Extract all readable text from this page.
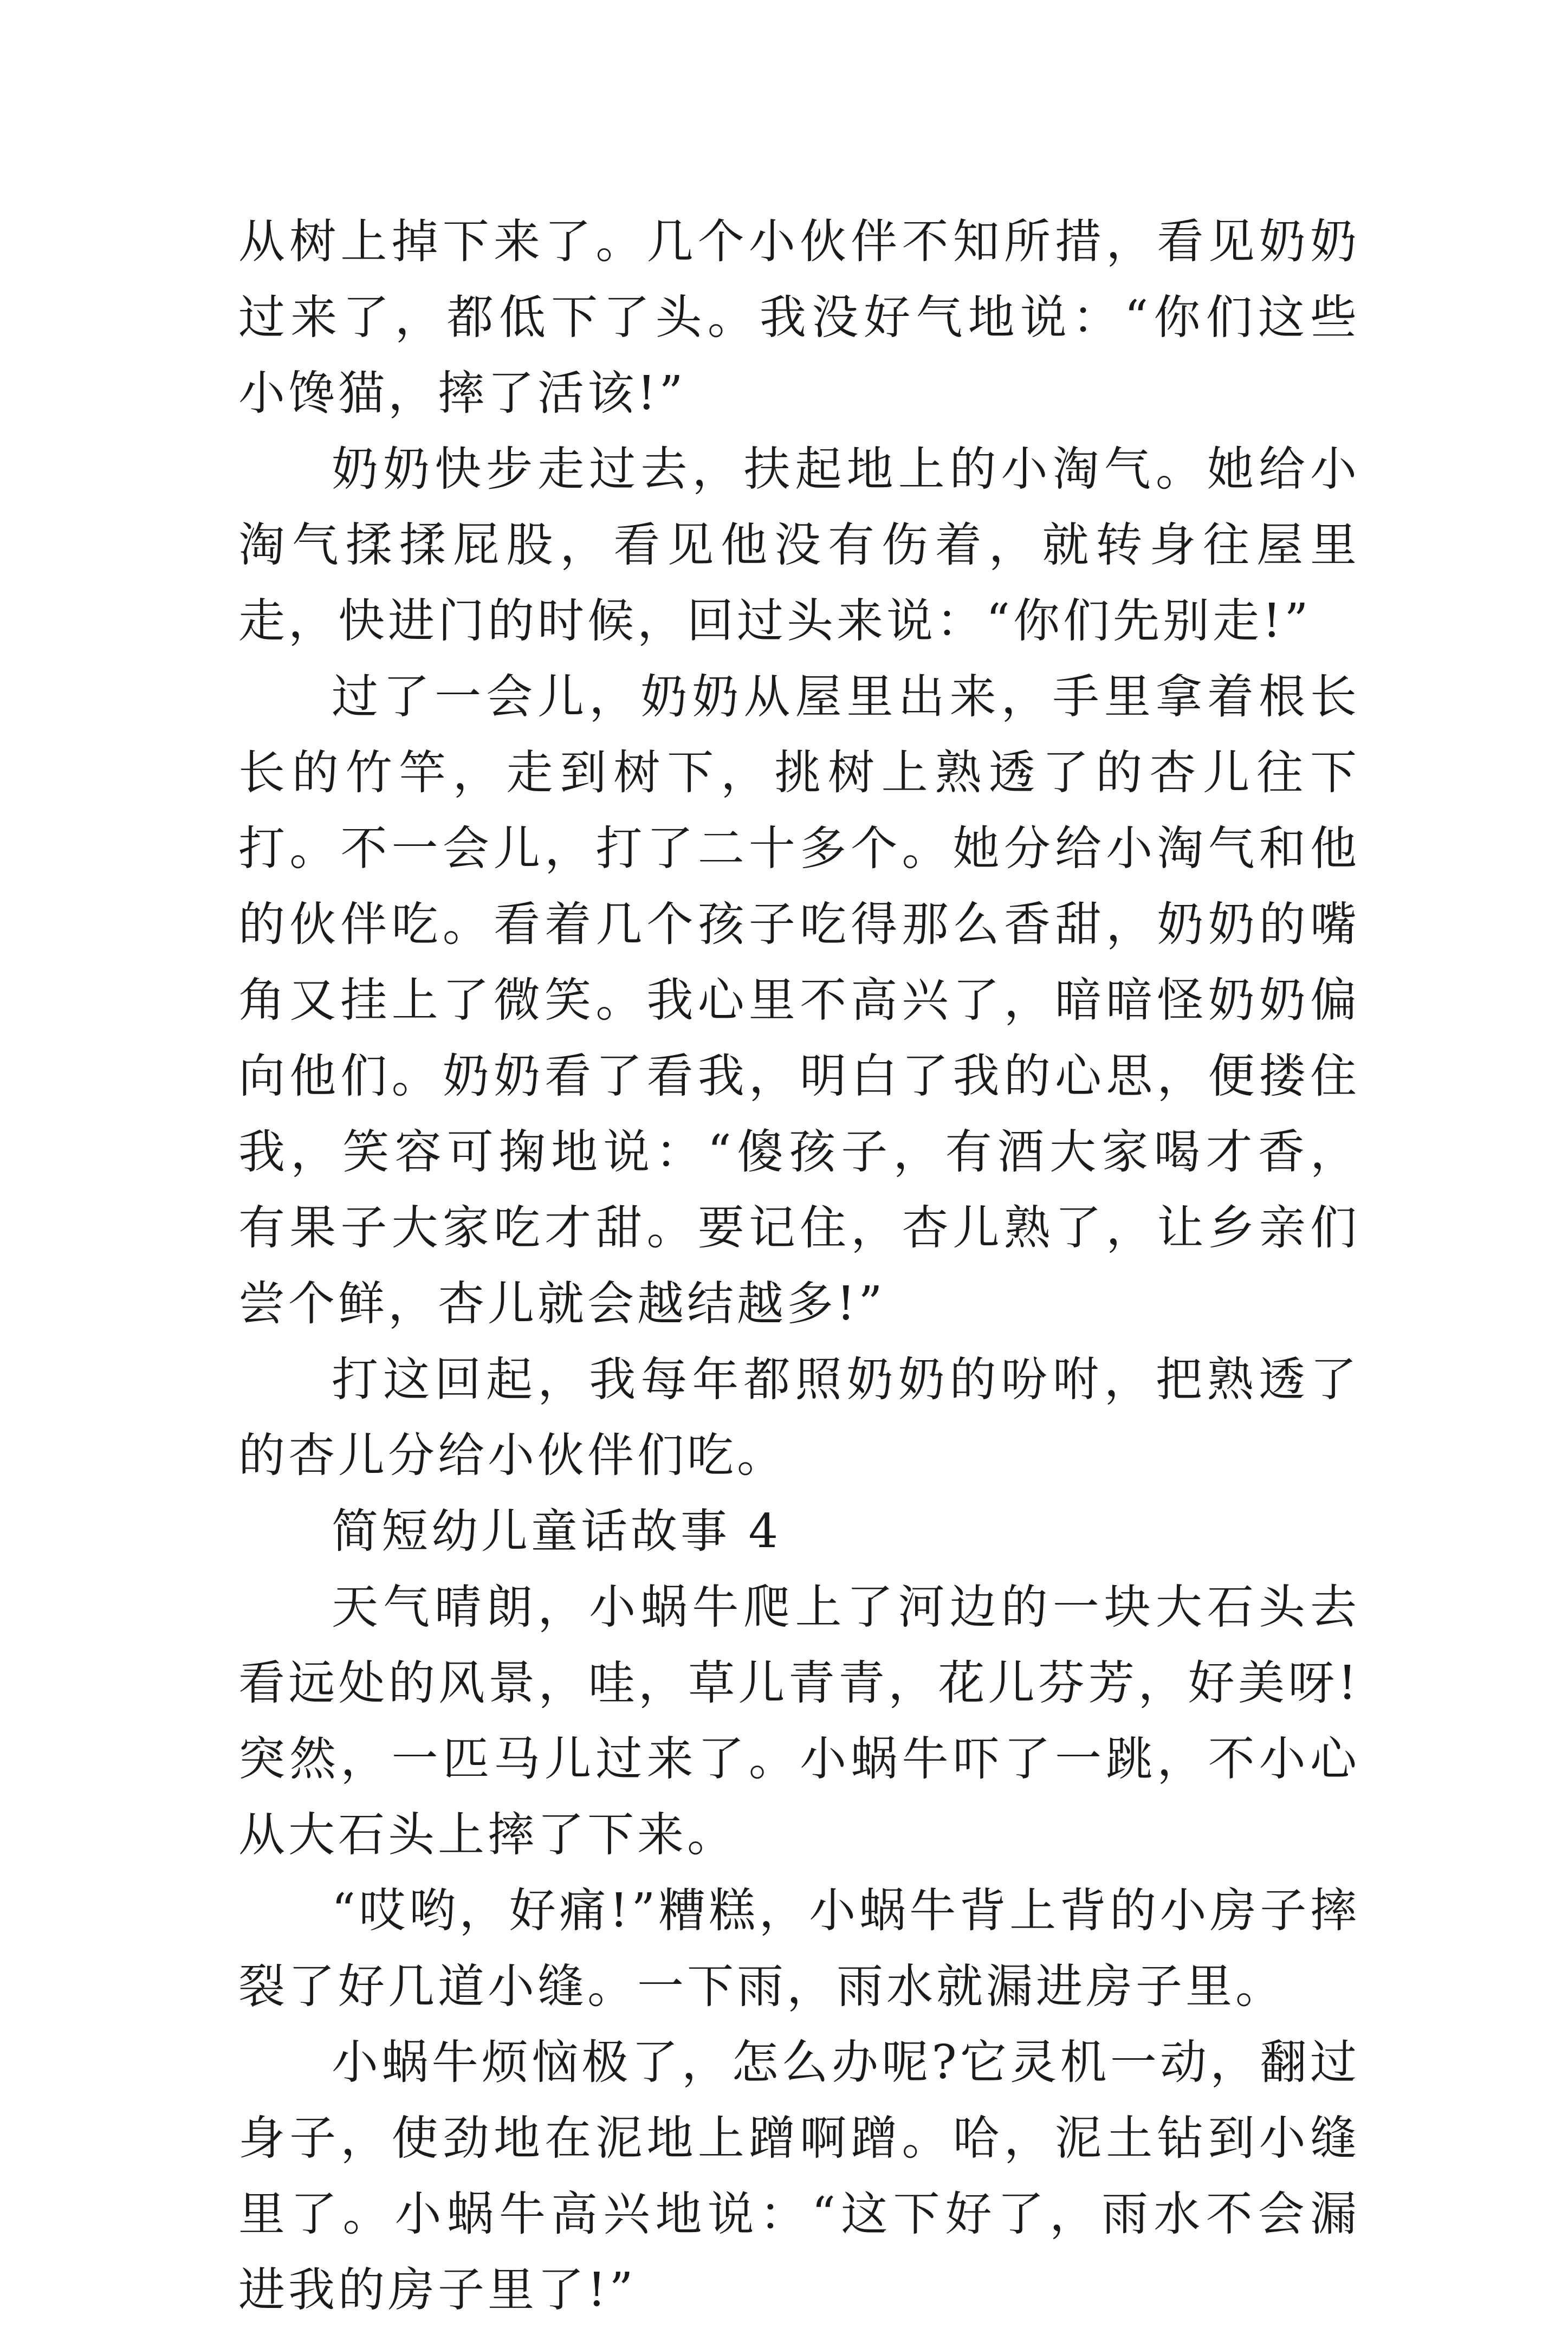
从树上掉下来了。几个小伙伴不知所措，看见奶奶过来了，都低下了头。我没好气地说：“你们这些小馋猫，摔了活该!”

奶奶快步走过去，扶起地上的小淘气。她给小淘气揉揉屁股，看见他没有伤着，就转身往屋里走，快进门的时候，回过头来说：“你们先别走!”

过了一会儿，奶奶从屋里出来，手里拿着根长长的竹竿，走到树下，挑树上熟透了的杏儿往下打。不一会儿，打了二十多个。她分给小淘气和他的伙伴吃。看着几个孩子吃得那么香甜，奶奶的嘴角又挂上了微笑。我心里不高兴了，暗暗怪奶奶偏向他们。奶奶看了看我，明白了我的心思，便搂住我，笑容可掬地说：“傻孩子，有酒大家喝才香，有果子大家吃才甜。要记住，杏儿熟了，让乡亲们尝个鲜，杏儿就会越结越多!”

打这回起，我每年都照奶奶的吩咐，把熟透了的杏儿分给小伙伴们吃。

简短幼儿童话故事 4

天气晴朗，小蜗牛爬上了河边的一块大石头去看远处的风景，哇，草儿青青，花儿芬芳，好美呀!突然，一匹马儿过来了。小蜗牛吓了一跳，不小心从大石头上摔了下来。

“哎哟，好痛!”糟糕，小蜗牛背上背的小房子摔裂了好几道小缝。一下雨，雨水就漏进房子里。

小蜗牛烦恼极了，怎么办呢?它灵机一动，翻过身子，使劲地在泥地上蹭啊蹭。哈，泥土钻到小缝里了。小蜗牛高兴地说：“这下好了，雨水不会漏进我的房子里了!”
